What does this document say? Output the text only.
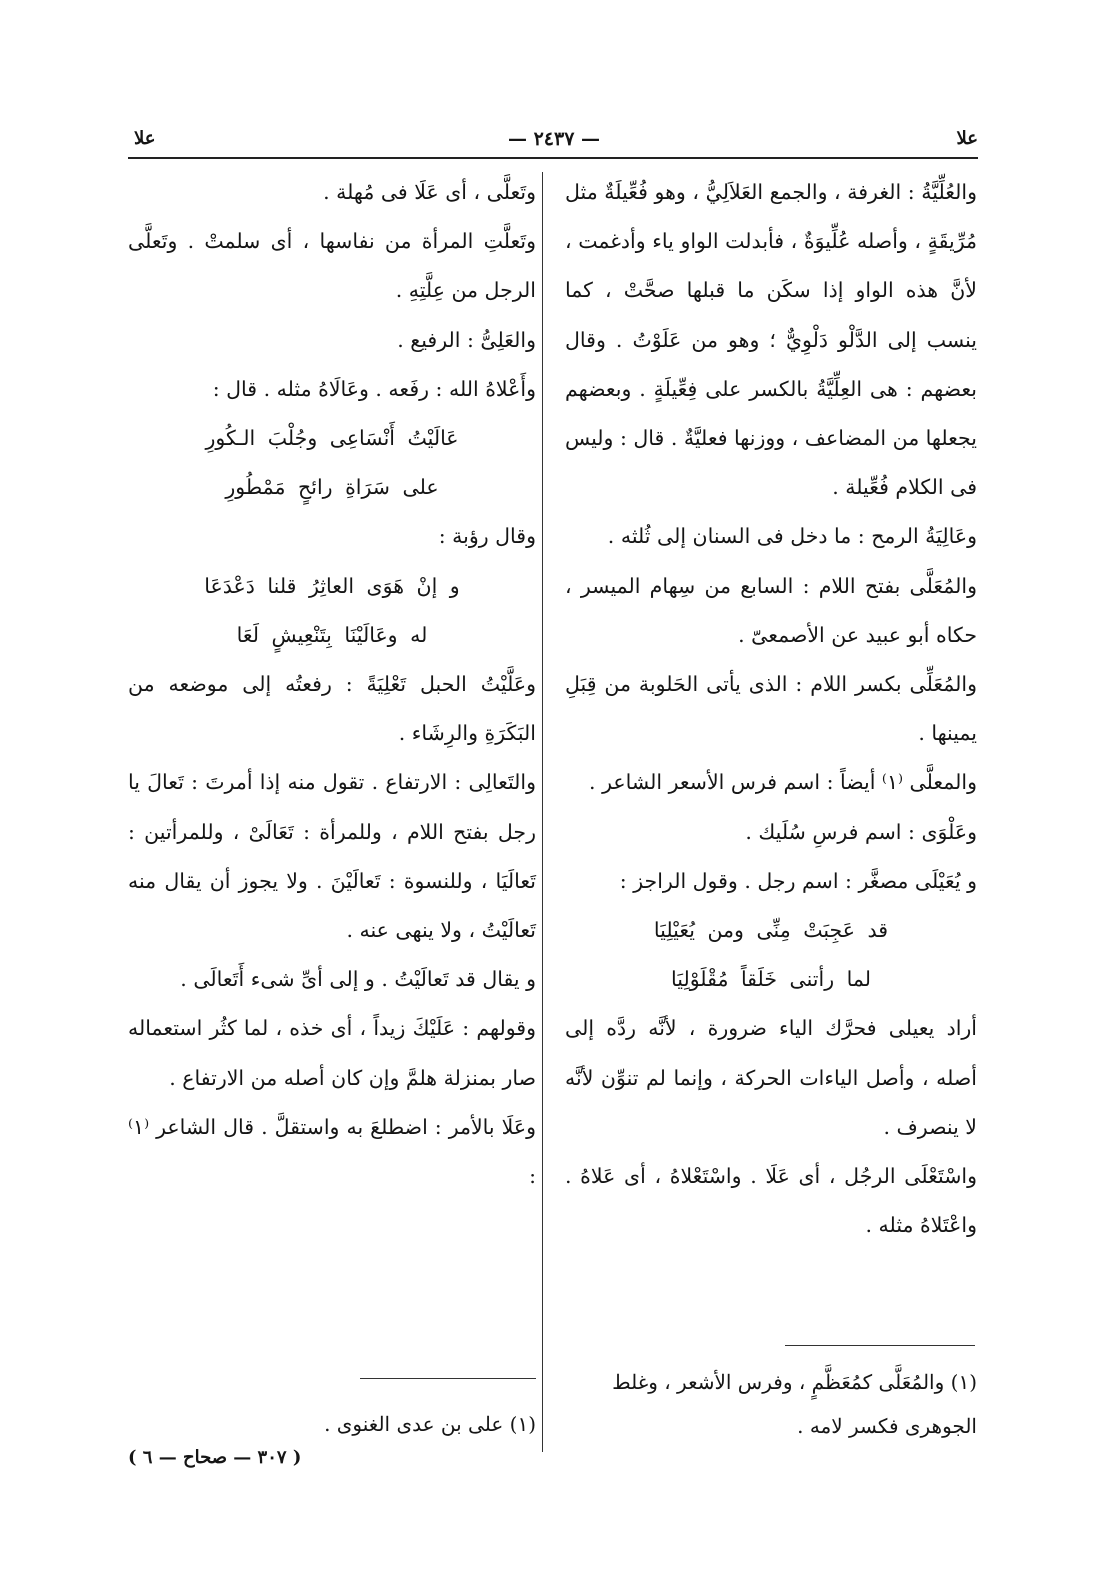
علا
— ٢٤٣٧ —
علا

والعُلِّيَّةُ : الغرفة ، والجمع العَلاَلِيُّ ، وهو فُعِّيلَةٌ مثل مُرِّيقَةٍ ، وأصله عُلِّيوَةٌ ، فأبدلت الواو ياء وأدغمت ، لأنَّ هذه الواو إذا سكَن ما قبلها صحَّتْ ، كما ينسب إلى الدَّلْو دَلْوِيٌّ ؛ وهو من عَلَوْتُ . وقال بعضهم : هى العِلِّيَّةُ بالكسر على فِعِّيلَةٍ . وبعضهم يجعلها من المضاعف ، ووزنها فعليَّةٌ . قال : وليس فى الكلام فُعِّيلة .

وعَالِيَةُ الرمح : ما دخل فى السنان إلى ثُلثه .

والمُعَلَّى بفتح اللام : السابع من سِهام الميسر ، حكاه أبو عبيد عن الأصمعىّ .

والمُعَلِّى بكسر اللام : الذى يأتى الحَلوبة من قِبَلِ يمينها .

والمعلَّى ⁽١⁾ أيضاً : اسم فرس الأسعر الشاعر .

وعَلْوَى : اسم فرسِ سُلَيك .

و يُعَيْلَى مصغَّر : اسم رجل . وقول الراجز :

قد عَجِبَتْ مِنِّى ومن يُعَيْلِيَا

لما رأتنى خَلَقاً مُقْلَوْلِيَا

أراد يعيلى فحرَّك الياء ضرورة ، لأنَّه ردَّه إلى أصله ، وأصل الياءات الحركة ، وإنما لم تنوِّن لأنَّه لا ينصرف .

واسْتَعْلَى الرجُل ، أى عَلَا . واسْتَعْلاهُ ، أى عَلاهُ . واعْتَلاهُ مثله .

وتَعلَّى ، أى عَلَا فى مُهلة .

وتَعلَّتِ المرأة من نفاسها ، أى سلمتْ . وتَعلَّى الرجل من عِلَّتِهِ .

والعَلِىُّ : الرفيع .

وأَعْلاهُ الله : رفَعه . وعَالَاهُ مثله . قال :

عَالَيْتُ أَنْسَاعِى وجُلْبَ الـكُورِ

على سَرَاةِ رائحٍ مَمْطُورِ

وقال رؤبة :

و إنْ هَوَى العاثِرُ قلنا دَعْدَعَا

له وعَالَيْنَا بِتَنْعِيشٍ لَعَا

وعَلَّيْتُ الحبل تَعْلِيَةً : رفعتُه إلى موضعه من البَكَرَةِ والرِشَاء .

والتَعالِى : الارتفاع . تقول منه إذا أمرتَ : تَعالَ يا رجل بفتح اللام ، وللمرأة : تَعَالَىْ ، وللمرأتين : تَعالَيَا ، وللنسوة : تَعالَيْنَ . ولا يجوز أن يقال منه تَعالَيْتُ ، ولا ينهى عنه .

و يقال قد تَعالَيْتُ . و إلى أىِّ شىء أَتَعالَى .

وقولهم : عَلَيْكَ زيداً ، أى خذه ، لما كثُر استعماله صار بمنزلة هلمَّ وإن كان أصله من الارتفاع .

وعَلَا بالأمر : اضطلعَ به واستقلَّ . قال الشاعر ⁽١⁾ :

(١) والمُعَلَّى كمُعَظَّمٍ ، وفرس الأشعر ، وغلط الجوهرى فكسر لامه .
(١) على بن عدى الغنوى .
( ٣٠٧ — صحاح — ٦ )
